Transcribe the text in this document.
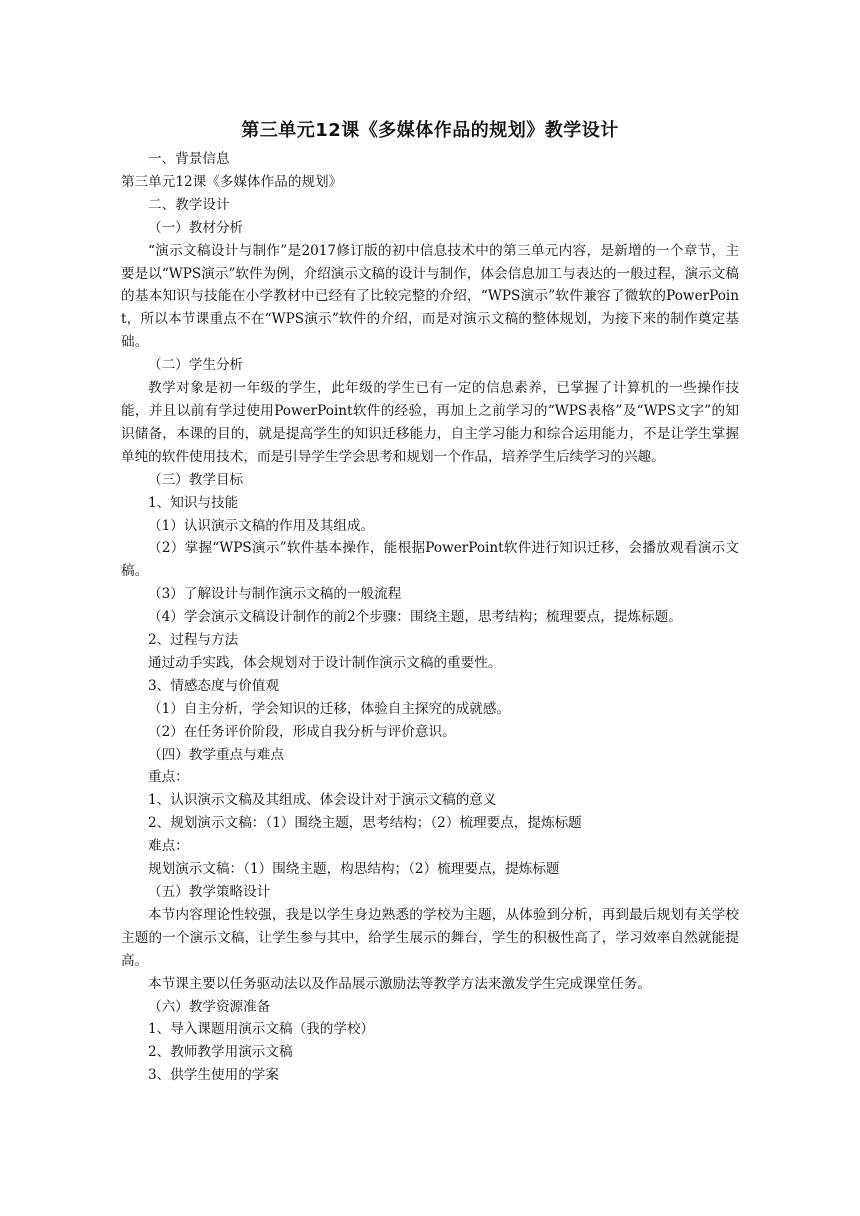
第三单元12课《多媒体作品的规划》教学设计
一、背景信息
第三单元12课《多媒体作品的规划》
二、教学设计
（一）教材分析
“演示文稿设计与制作”是2017修订版的初中信息技术中的第三单元内容，是新增的一个章节，主要是以“WPS演示”软件为例，介绍演示文稿的设计与制作，体会信息加工与表达的一般过程，演示文稿的基本知识与技能在小学教材中已经有了比较完整的介绍，“WPS演示”软件兼容了微软的PowerPoint，所以本节课重点不在“WPS演示”软件的介绍，而是对演示文稿的整体规划，为接下来的制作奠定基础。
（二）学生分析
教学对象是初一年级的学生，此年级的学生已有一定的信息素养，已掌握了计算机的一些操作技能，并且以前有学过使用PowerPoint软件的经验，再加上之前学习的“WPS表格”及“WPS文字”的知识储备，本课的目的，就是提高学生的知识迁移能力，自主学习能力和综合运用能力，不是让学生掌握单纯的软件使用技术，而是引导学生学会思考和规划一个作品，培养学生后续学习的兴趣。
（三）教学目标
1、知识与技能
（1）认识演示文稿的作用及其组成。
（2）掌握“WPS演示”软件基本操作，能根据PowerPoint软件进行知识迁移，会播放观看演示文稿。
（3）了解设计与制作演示文稿的一般流程
（4）学会演示文稿设计制作的前2个步骤：围绕主题，思考结构；梳理要点，提炼标题。
2、过程与方法
通过动手实践，体会规划对于设计制作演示文稿的重要性。
3、情感态度与价值观
（1）自主分析，学会知识的迁移，体验自主探究的成就感。
（2）在任务评价阶段，形成自我分析与评价意识。
（四）教学重点与难点
重点：
1、认识演示文稿及其组成、体会设计对于演示文稿的意义
2、规划演示文稿：（1）围绕主题，思考结构；（2）梳理要点，提炼标题
难点：
规划演示文稿：（1）围绕主题，构思结构；（2）梳理要点，提炼标题
（五）教学策略设计
本节内容理论性较强，我是以学生身边熟悉的学校为主题，从体验到分析，再到最后规划有关学校主题的一个演示文稿，让学生参与其中，给学生展示的舞台，学生的积极性高了，学习效率自然就能提高。
本节课主要以任务驱动法以及作品展示激励法等教学方法来激发学生完成课堂任务。
（六）教学资源准备
1、导入课题用演示文稿（我的学校）
2、教师教学用演示文稿
3、供学生使用的学案
